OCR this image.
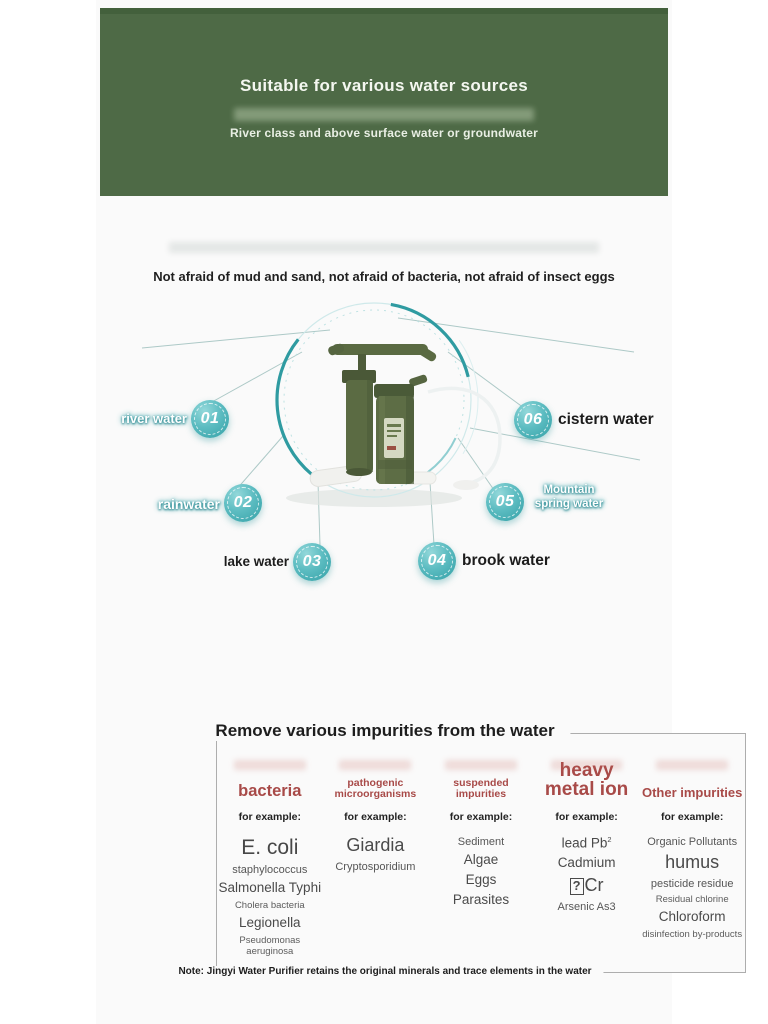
Suitable for various water sources
River class and above surface water or groundwater
Not afraid of mud and sand, not afraid of bacteria, not afraid of insect eggs
01
river water
02
rainwater
03
lake water	04 brook water
05
Mountain spring water
06 cistern water
bacteria
for example:
E. coli
staphylococcus
Salmonella Typhi
Cholera bacteria
Legionella
Pseudomonas aeruginosa
pathogenic microorganisms
for example:
Giardia
Cryptosporidium
suspended impurities
for example:
Sediment
Algae
Eggs
Parasites
heavy metal ion
for example:
lead Pb$^2$
Cadmium
? Cr
Arsenic As3
Other impurities
for example:
Organic Pollutants
humus
pesticide residue
Residual chlorine
Chloroform
disinfection by-products
Remove various impurities from the water
Note: Jingyi Water Purifier retains the original minerals and trace elements in the water
